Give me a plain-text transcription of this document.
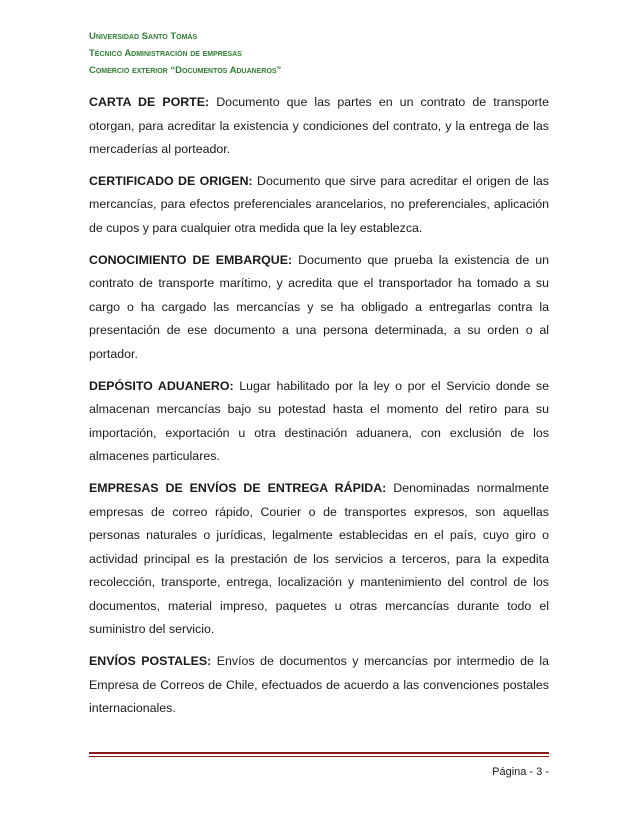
Universidad Santo Tomás
Técnico Administración de empresas
Comercio exterior “Documentos Aduaneros”

CARTA DE PORTE: Documento que las partes en un contrato de transporte otorgan, para acreditar la existencia y condiciones del contrato, y la entrega de las mercaderías al porteador.

CERTIFICADO DE ORIGEN: Documento que sirve para acreditar el origen de las mercancías, para efectos preferenciales arancelarios, no preferenciales, aplicación de cupos y para cualquier otra medida que la ley establezca.

CONOCIMIENTO DE EMBARQUE: Documento que prueba la existencia de un contrato de transporte marítimo, y acredita que el transportador ha tomado a su cargo o ha cargado las mercancías y se ha obligado a entregarlas contra la presentación de ese documento a una persona determinada, a su orden o al portador.

DEPÓSITO ADUANERO: Lugar habilitado por la ley o por el Servicio donde se almacenan mercancías bajo su potestad hasta el momento del retiro para su importación, exportación u otra destinación aduanera, con exclusión de los almacenes particulares.

EMPRESAS DE ENVÍOS DE ENTREGA RÁPIDA: Denominadas normalmente empresas de correo rápido, Courier o de transportes expresos, son aquellas personas naturales o jurídicas, legalmente establecidas en el país, cuyo giro o actividad principal es la prestación de los servicios a terceros, para la expedita recolección, transporte, entrega, localización y mantenimiento del control de los documentos, material impreso, paquetes u otras mercancías durante todo el suministro del servicio.

ENVÍOS POSTALES: Envíos de documentos y mercancías por intermedio de la Empresa de Correos de Chile, efectuados de acuerdo a las convenciones postales internacionales.

Página - 3 -
